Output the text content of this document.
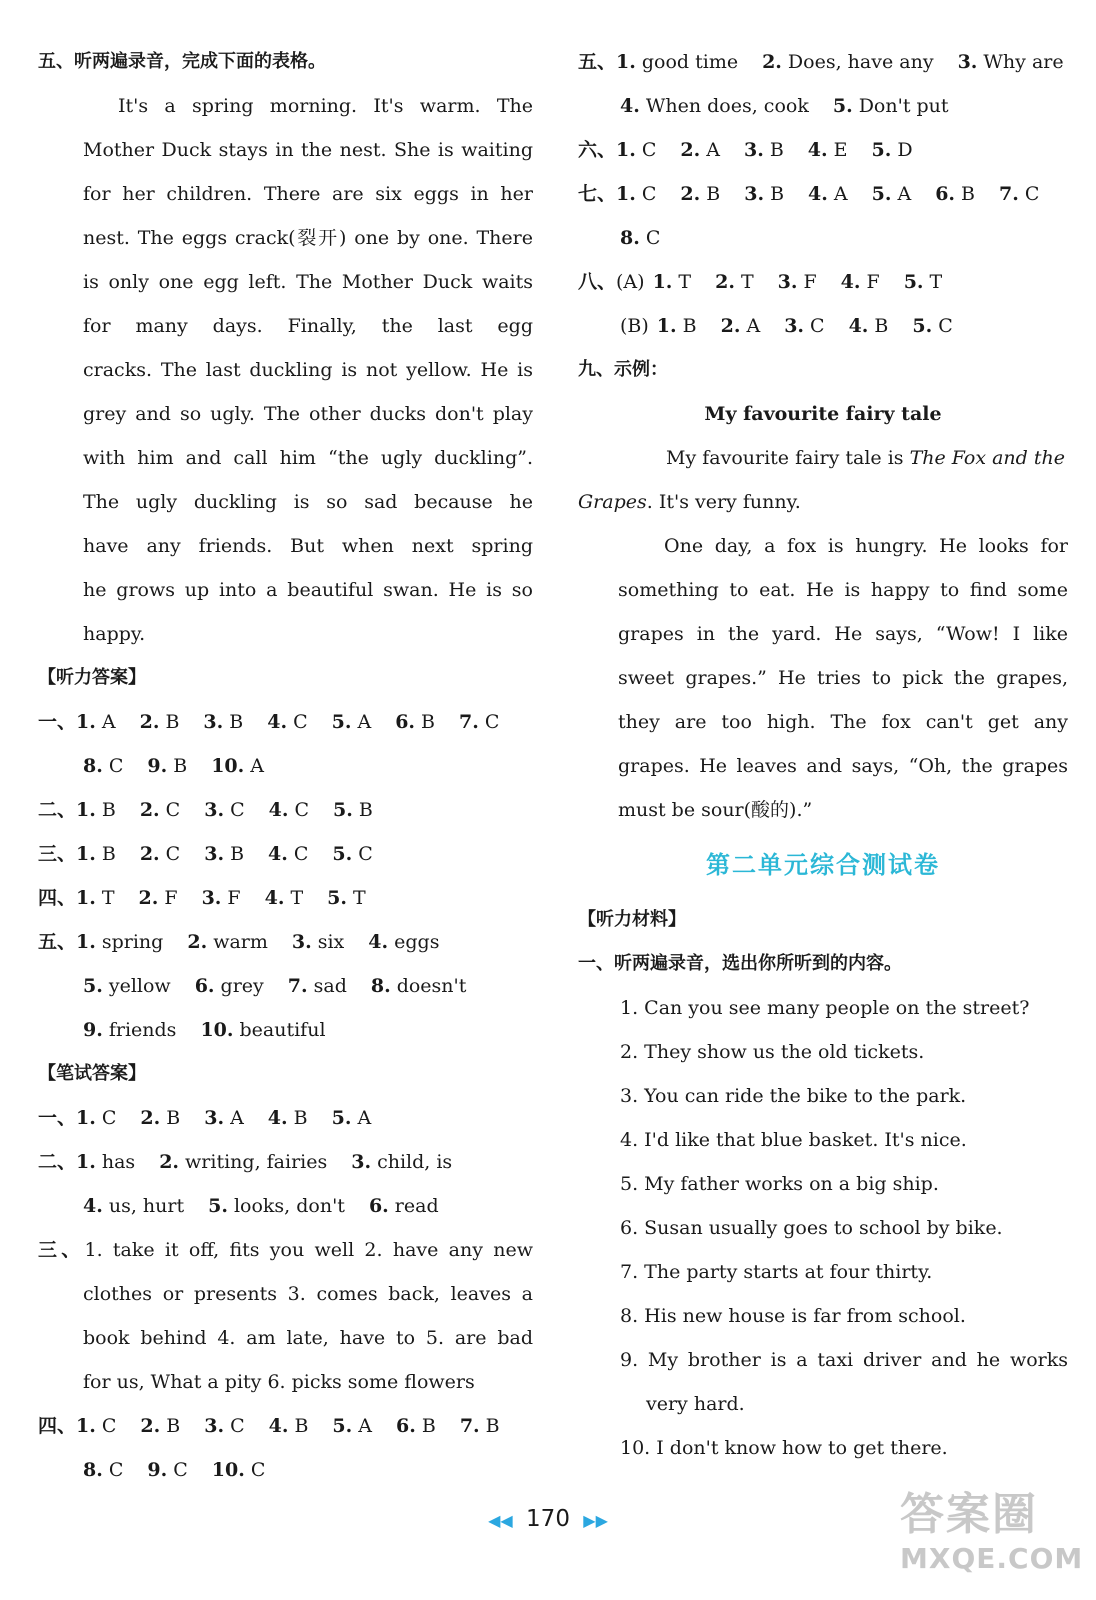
五、听两遍录音，完成下面的表格。
It's a spring morning. It's warm. The
Mother Duck stays in the nest. She is waiting
for her children. There are six eggs in her
nest. The eggs crack(裂开) one by one. There
is only one egg left. The Mother Duck waits
for many days. Finally, the last egg
cracks. The last duckling is not yellow. He is
grey and so ugly. The other ducks don't play
with him and call him “the ugly duckling”.
The ugly duckling is so sad because he
have any friends. But when next spring
he grows up into a beautiful swan. He is so
happy.
【听力答案】
一、1. A 2. B 3. B 4. C 5. A 6. B 7. C
8. C 9. B 10. A
二、1. B 2. C 3. C 4. C 5. B
三、1. B 2. C 3. B 4. C 5. C
四、1. T 2. F 3. F 4. T 5. T
五、1. spring 2. warm 3. six 4. eggs
5. yellow 6. grey 7. sad 8. doesn't
9. friends 10. beautiful
【笔试答案】
一、1. C 2. B 3. A 4. B 5. A
二、1. has 2. writing, fairies 3. child, is
4. us, hurt 5. looks, don't 6. read
三、1. take it off, fits you well 2. have any new
clothes or presents 3. comes back, leaves a
book behind 4. am late, have to 5. are bad
for us, What a pity 6. picks some flowers
四、1. C 2. B 3. C 4. B 5. A 6. B 7. B
8. C 9. C 10. C
五、1. good time 2. Does, have any 3. Why are
4. When does, cook 5. Don't put
六、1. C 2. A 3. B 4. E 5. D
七、1. C 2. B 3. B 4. A 5. A 6. B 7. C
8. C
八、(A) 1. T 2. T 3. F 4. F 5. T
(B) 1. B 2. A 3. C 4. B 5. C
九、示例：
My favourite fairy tale
My favourite fairy tale is The Fox and the
Grapes. It's very funny.
One day, a fox is hungry. He looks for
something to eat. He is happy to find some
grapes in the yard. He says, “Wow! I like
sweet grapes.” He tries to pick the grapes,
they are too high. The fox can't get any
grapes. He leaves and says, “Oh, the grapes
must be sour(酸的).”
第二单元综合测试卷
【听力材料】
一、听两遍录音，选出你所听到的内容。
1. Can you see many people on the street?
2. They show us the old tickets.
3. You can ride the bike to the park.
4. I'd like that blue basket. It's nice.
5. My father works on a big ship.
6. Susan usually goes to school by bike.
7. The party starts at four thirty.
8. His new house is far from school.
9. My brother is a taxi driver and he works
very hard.
10. I don't know how to get there.
◀◀ 170 ▶▶	答案圈
MXQE.COM
